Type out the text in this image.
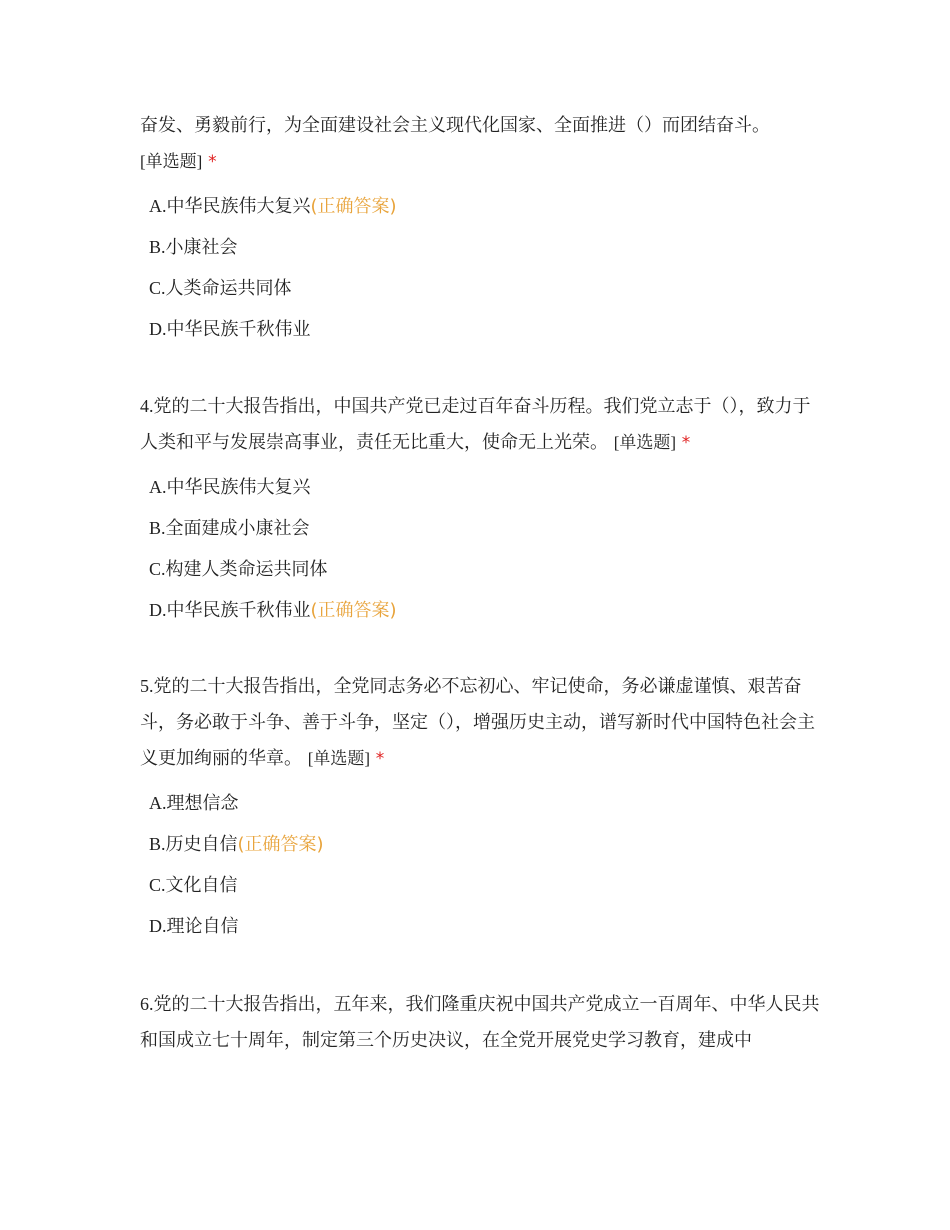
奋发、勇毅前行，为全面建设社会主义现代化国家、全面推进（）而团结奋斗。
[单选题] *

A.中华民族伟大复兴(正确答案)
B.小康社会
C.人类命运共同体
D.中华民族千秋伟业

4.党的二十大报告指出，中国共产党已走过百年奋斗历程。我们党立志于（），致力于人类和平与发展崇高事业，责任无比重大，使命无上光荣。 [单选题] *

A.中华民族伟大复兴
B.全面建成小康社会
C.构建人类命运共同体
D.中华民族千秋伟业(正确答案)

5.党的二十大报告指出，全党同志务必不忘初心、牢记使命，务必谦虚谨慎、艰苦奋斗，务必敢于斗争、善于斗争，坚定（），增强历史主动，谱写新时代中国特色社会主义更加绚丽的华章。 [单选题] *

A.理想信念
B.历史自信(正确答案)
C.文化自信
D.理论自信

6.党的二十大报告指出，五年来，我们隆重庆祝中国共产党成立一百周年、中华人民共和国成立七十周年，制定第三个历史决议，在全党开展党史学习教育，建成中
